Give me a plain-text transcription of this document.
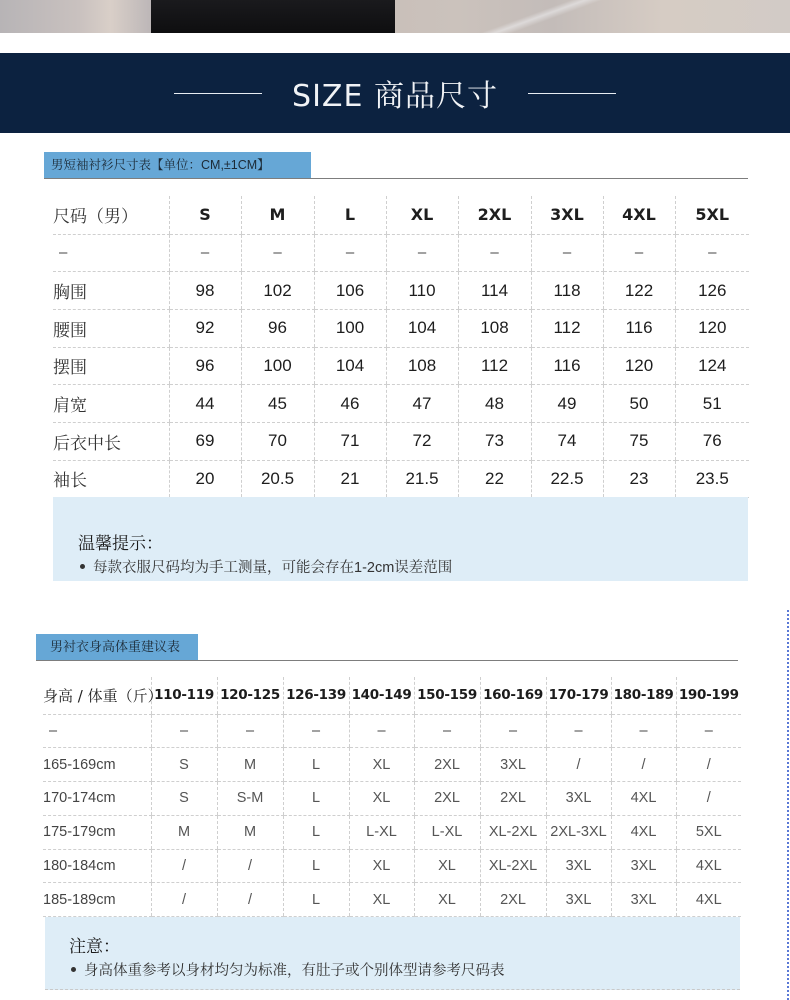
SIZE 商品尺寸
男短袖衬衫尺寸表【单位：CM,±1CM】
尺码（男）	S	M	L	XL	2XL	3XL	4XL	5XL
–	–	–	–	–	–	–	–	–
胸围	98	102	106	110	114	118	122	126
腰围	92	96	100	104	108	112	116	120
摆围	96	100	104	108	112	116	120	124
肩宽	44	45	46	47	48	49	50	51
后衣中长	69	70	71	72	73	74	75	76
袖长	20	20.5	21	21.5	22	22.5	23	23.5
温馨提示：
每款衣服尺码均为手工测量，可能会存在1-2cm误差范围
男衬衣身高体重建议表
身高 / 体重（斤）	110-119	120-125	126-139	140-149	150-159	160-169	170-179	180-189	190-199
–	–	–	–	–	–	–	–	–	–
165-169cm	S	M	L	XL	2XL	3XL	/	/	/
170-174cm	S	S-M	L	XL	2XL	2XL	3XL	4XL	/
175-179cm	M	M	L	L-XL	L-XL	XL-2XL	2XL-3XL	4XL	5XL
180-184cm	/	/	L	XL	XL	XL-2XL	3XL	3XL	4XL
185-189cm	/	/	L	XL	XL	2XL	3XL	3XL	4XL
注意：
身高体重参考以身材均匀为标准，有肚子或个别体型请参考尺码表
